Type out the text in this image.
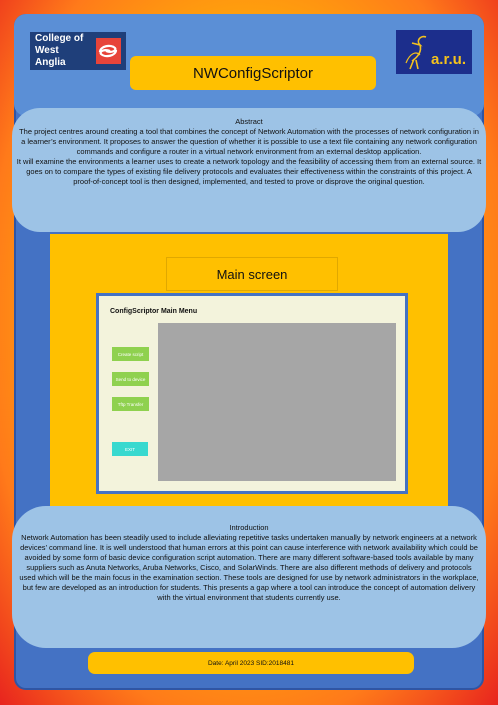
College of
West Anglia	a.r.u.
NWConfigScriptor

Abstract

The project centres around creating a tool that combines the concept of Network Automation with the processes of network configuration in a learner’s environment. It proposes to answer the question of whether it is possible to use a text file containing any network configuration commands and configure a router in a virtual network environment from an external desktop application.

It will examine the environments a learner uses to create a network topology and the feasibility of accessing them from an external source. It goes on to compare the types of existing file delivery protocols and evaluates their effectiveness within the constraints of this project. A proof-of-concept tool is then designed, implemented, and tested to prove or disprove the original question.

Main screen
ConfigScriptor Main Menu
Create script
Send to device
Tftp Transfer
EXIT

Introduction

Network Automation has been steadily used to include alleviating repetitive tasks undertaken manually by network engineers at a network devices’ command line. It is well understood that human errors at this point can cause interference with network availability which could be avoided by some form of basic device configuration script automation. There are many different software-based tools available by many suppliers such as Anuta Networks, Aruba Networks, Cisco, and SolarWinds. There are also different methods of delivery and protocols used which will be the main focus in the examination section. These tools are designed for use by network administrators in the workplace, but few are developed as an introduction for students. This presents a gap where a tool can introduce the concept of automation delivery with the virtual environment that students currently use.

Date: April 2023 SID:2018481
